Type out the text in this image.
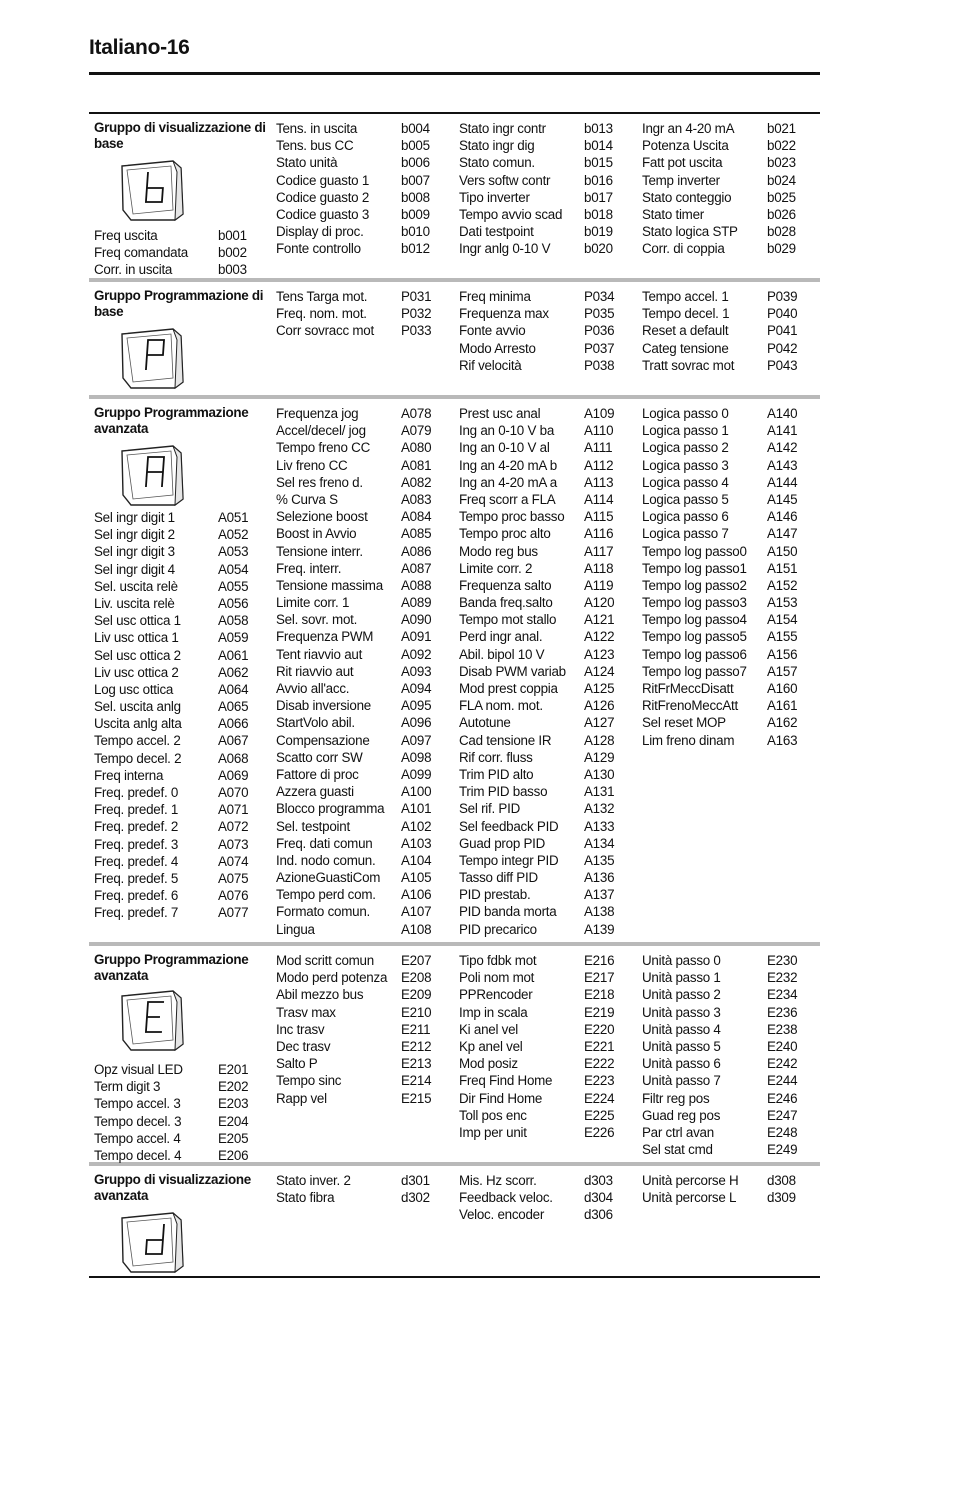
Italiano-16
Gruppo di visualizzazione di base
Freq uscita	b001
Freq comandata b002
Corr. in uscita	b003
Tens. in uscita	b004
Tens. bus CC	b005
Stato unità	b006
Codice guasto 1 b007
Codice guasto 2 b008
Codice guasto 3 b009
Display di proc.	b010
Fonte controllo	b012
Stato ingr contr	b013
Stato ingr dig	b014
Stato comun.	b015
Vers softw contr	b016
Tipo inverter	b017
Tempo avvio scad b018
Dati testpoint	b019
Ingr anlg 0-10 V	b020
Ingr an 4-20 mA b021
Potenza Uscita	b022
Fatt pot uscita	b023
Temp inverter	b024
Stato conteggio	b025
Stato timer	b026
Stato logica STP b028
Corr. di coppia	b029
Gruppo Programmazione di base
Tens Targa mot.	P031
Freq. nom. mot.	P032
Corr sovracc mot P033
Freq minima	P034
Frequenza max	P035
Fonte avvio	P036
Modo Arresto	P037
Rif velocità	P038
Tempo accel. 1	P039
Tempo decel. 1	P040
Reset a default	P041
Categ tensione	P042
Tratt sovrac mot P043
Gruppo Programmazione avanzata
Sel ingr digit 1	A051
Sel ingr digit 2	A052
Sel ingr digit 3	A053
Sel ingr digit 4	A054
Sel. uscita relè	A055
Liv. uscita relè	A056
Sel usc ottica 1	A058
Liv usc ottica 1	A059
Sel usc ottica 2	A061
Liv usc ottica 2	A062
Log usc ottica	A064
Sel. uscita anlg	A065
Uscita anlg alta	A066
Tempo accel. 2	A067
Tempo decel. 2	A068
Freq interna	A069
Freq. predef. 0	A070
Freq. predef. 1	A071
Freq. predef. 2	A072
Freq. predef. 3	A073
Freq. predef. 4	A074
Freq. predef. 5	A075
Freq. predef. 6	A076
Freq. predef. 7	A077
Frequenza jog	A078
Accel/decel/ jog	A079
Tempo freno CC A080
Liv freno CC	A081
Sel res freno d.	A082
% Curva S	A083
Selezione boost A084
Boost in Avvio	A085
Tensione interr.	A086
Freq. interr.	A087
Tensione massima A088
Limite corr. 1	A089
Sel. sovr. mot.	A090
Frequenza PWM A091
Tent riavvio aut	A092
Rit riavvio aut	A093
Avvio all'acc.	A094
Disab inversione A095
StartVolo abil.	A096
Compensazione A097
Scatto corr SW	A098
Fattore di proc	A099
Azzera guasti	A100
Blocco programma A101
Sel. testpoint	A102
Freq. dati comun A103
Ind. nodo comun. A104
AzioneGuastiCom A105
Tempo perd com. A106
Formato comun. A107
Lingua	A108
Prest usc anal	A109
Ing an 0-10 V ba A110
Ing an 0-10 V al	A111
Ing an 4-20 mA b A112
Ing an 4-20 mA a A113
Freq scorr a FLA A114
Tempo proc basso A115
Tempo proc alto A116
Modo reg bus	A117
Limite corr. 2	A118
Frequenza salto A119
Banda freq.salto A120
Tempo mot stallo A121
Perd ingr anal.	A122
Abil. bipol 10 V	A123
Disab PWM variab A124
Mod prest coppia A125
FLA nom. mot.	A126
Autotune	A127
Cad tensione IR A128
Rif corr. fluss	A129
Trim PID alto	A130
Trim PID basso	A131
Sel rif. PID	A132
Sel feedback PID A133
Guad prop PID	A134
Tempo integr PID A135
Tasso diff PID	A136
PID prestab.	A137
PID banda morta A138
PID precarico	A139
Logica passo 0	A140
Logica passo 1	A141
Logica passo 2	A142
Logica passo 3	A143
Logica passo 4	A144
Logica passo 5	A145
Logica passo 6	A146
Logica passo 7	A147
Tempo log passo0 A150
Tempo log passo1 A151
Tempo log passo2 A152
Tempo log passo3 A153
Tempo log passo4 A154
Tempo log passo5 A155
Tempo log passo6 A156
Tempo log passo7 A157
RitFrMeccDisatt	A160
RitFrenoMeccAtt A161
Sel reset MOP	A162
Lim freno dinam A163
Gruppo Programmazione avanzata
Opz visual LED	E201
Term digit 3	E202
Tempo accel. 3	E203
Tempo decel. 3	E204
Tempo accel. 4	E205
Tempo decel. 4	E206
Mod scritt comun E207
Modo perd potenza E208
Abil mezzo bus	E209
Trasv max	E210
Inc trasv	E211
Dec trasv	E212
Salto P	E213
Tempo sinc	E214
Rapp vel	E215
Tipo fdbk mot	E216
Poli nom mot	E217
PPRencoder	E218
Imp in scala	E219
Ki anel vel	E220
Kp anel vel	E221
Mod posiz	E222
Freq Find Home E223
Dir Find Home	E224
Toll pos enc	E225
Imp per unit	E226
Unità passo 0	E230
Unità passo 1	E232
Unità passo 2	E234
Unità passo 3	E236
Unità passo 4	E238
Unità passo 5	E240
Unità passo 6	E242
Unità passo 7	E244
Filtr reg pos	E246
Guad reg pos	E247
Par ctrl avan	E248
Sel stat cmd	E249
Gruppo di visualizzazione avanzata
Stato inver. 2	d301
Stato fibra	d302
Mis. Hz scorr.	d303
Feedback veloc. d304
Veloc. encoder	d306
Unità percorse H d308
Unità percorse L d309
